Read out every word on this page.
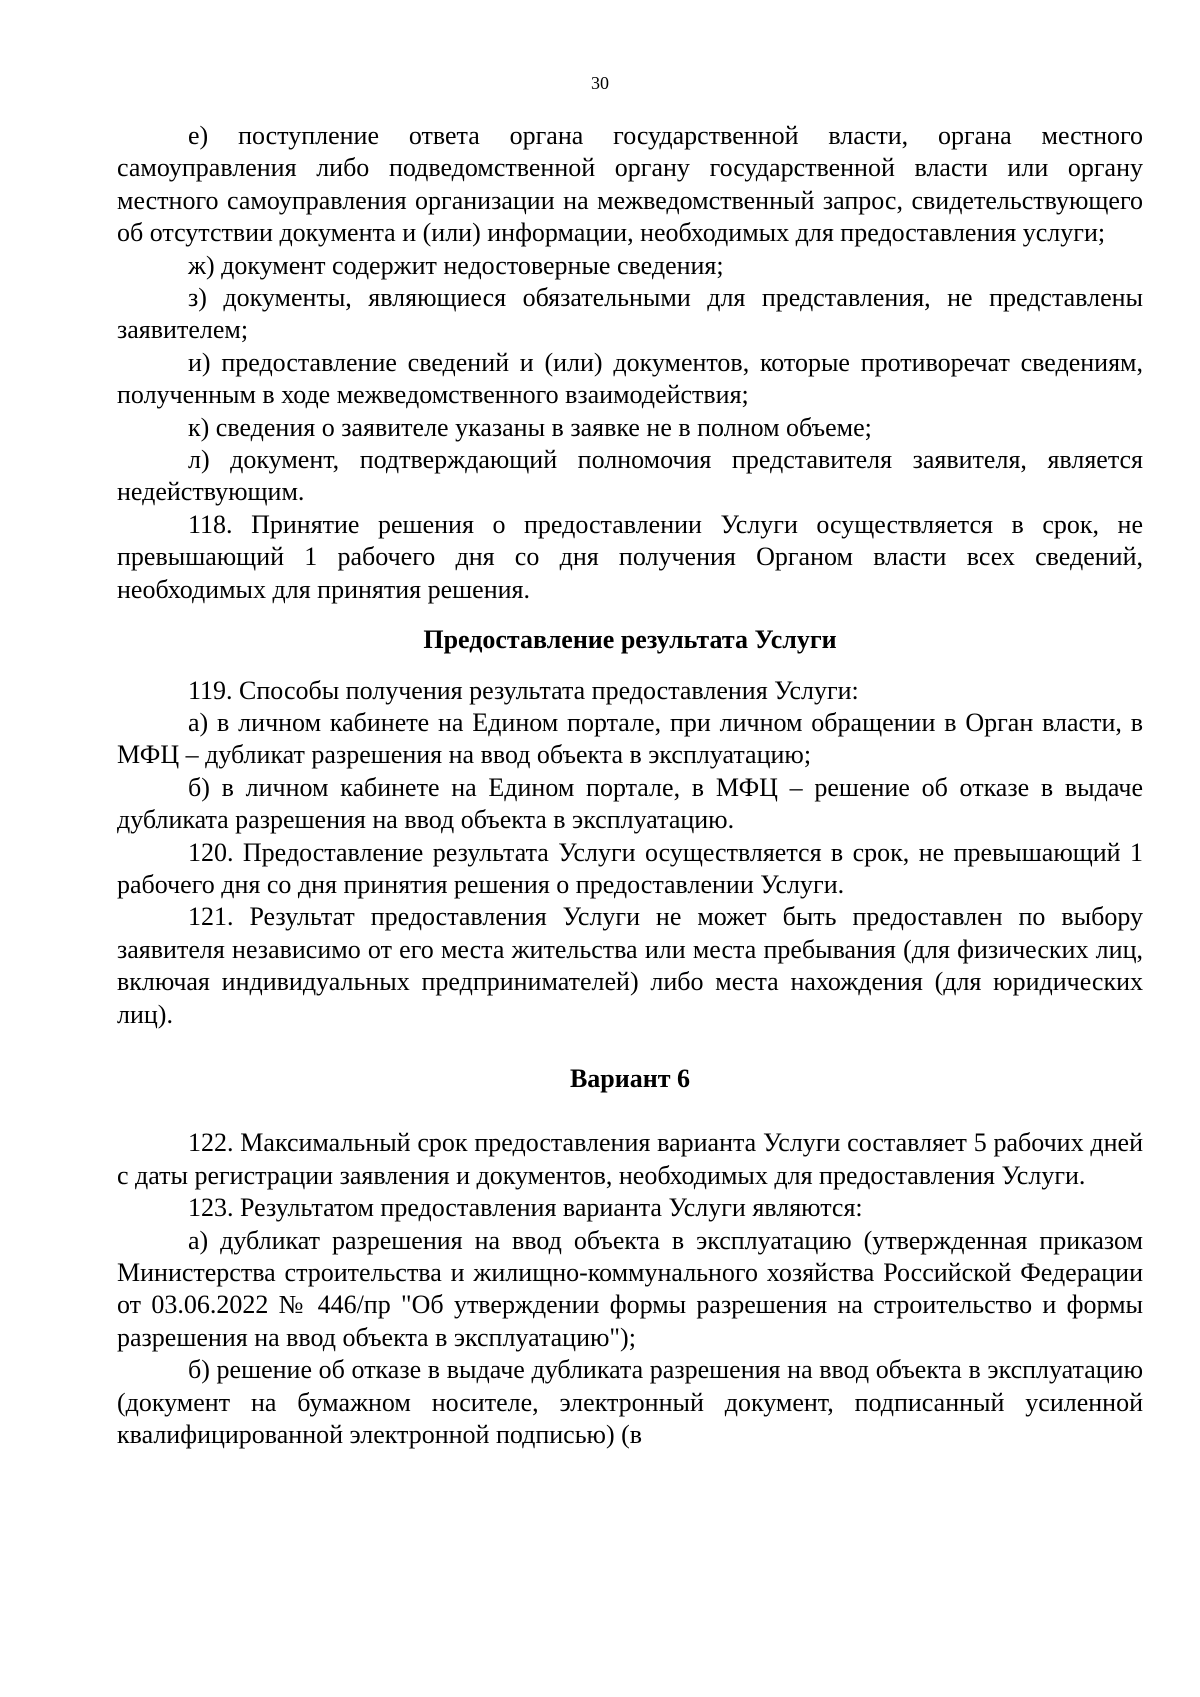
30

е) поступление ответа органа государственной власти, органа местного самоуправления либо подведомственной органу государственной власти или органу местного самоуправления организации на межведомственный запрос, свидетельствующего об отсутствии документа и (или) информации, необходимых для предоставления услуги;

ж) документ содержит недостоверные сведения;

з) документы, являющиеся обязательными для представления, не представлены заявителем;

и) предоставление сведений и (или) документов, которые противоречат сведениям, полученным в ходе межведомственного взаимодействия;

к) сведения о заявителе указаны в заявке не в полном объеме;

л) документ, подтверждающий полномочия представителя заявителя, является недействующим.

118. Принятие решения о предоставлении Услуги осуществляется в срок, не превышающий 1 рабочего дня со дня получения Органом власти всех сведений, необходимых для принятия решения.

Предоставление результата Услуги

119. Способы получения результата предоставления Услуги:

а) в личном кабинете на Едином портале, при личном обращении в Орган власти, в МФЦ – дубликат разрешения на ввод объекта в эксплуатацию;

б) в личном кабинете на Едином портале, в МФЦ – решение об отказе в выдаче дубликата разрешения на ввод объекта в эксплуатацию.

120. Предоставление результата Услуги осуществляется в срок, не превышающий 1 рабочего дня со дня принятия решения о предоставлении Услуги.

121. Результат предоставления Услуги не может быть предоставлен по выбору заявителя независимо от его места жительства или места пребывания (для физических лиц, включая индивидуальных предпринимателей) либо места нахождения (для юридических лиц).

Вариант 6

122. Максимальный срок предоставления варианта Услуги составляет 5 рабочих дней с даты регистрации заявления и документов, необходимых для предоставления Услуги.

123. Результатом предоставления варианта Услуги являются:

а) дубликат разрешения на ввод объекта в эксплуатацию (утвержденная приказом Министерства строительства и жилищно-коммунального хозяйства Российской Федерации от 03.06.2022 № 446/пр "Об утверждении формы разрешения на строительство и формы разрешения на ввод объекта в эксплуатацию");

б) решение об отказе в выдаче дубликата разрешения на ввод объекта в эксплуатацию (документ на бумажном носителе, электронный документ, подписанный усиленной квалифицированной электронной подписью) (в
